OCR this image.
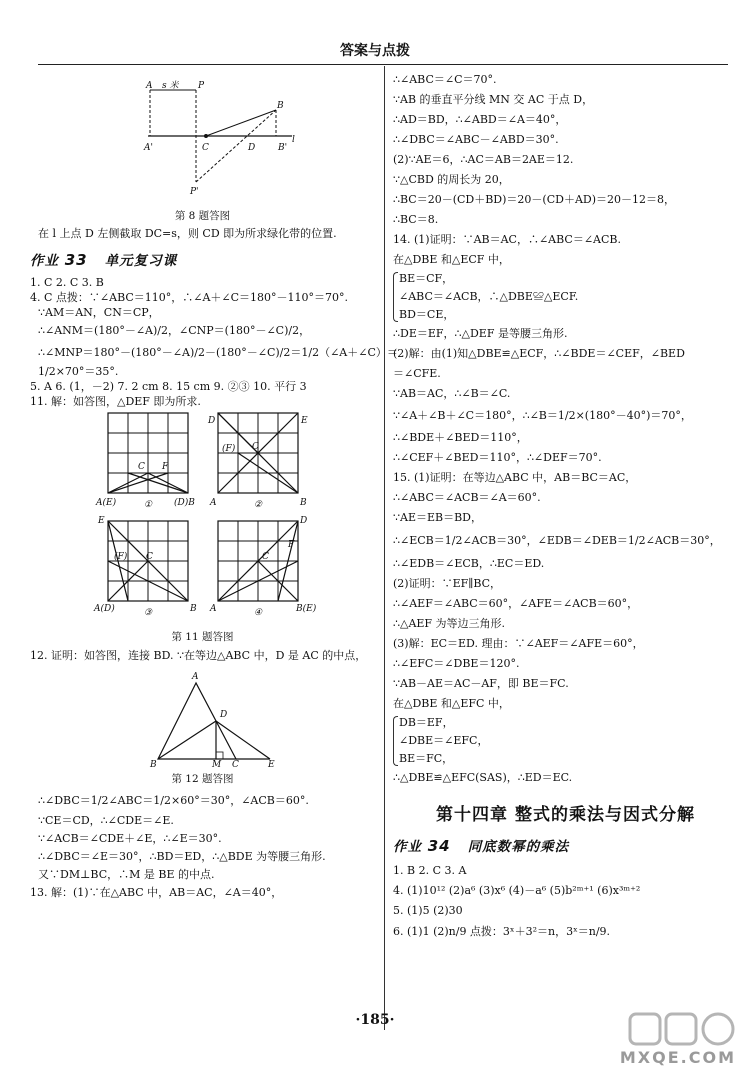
答案与点拨
A s 米 P
B
A'	C	D	B'
l
P'
第 8 题答图
在 l 上点 D 左侧截取 DC=s，则 CD 即为所求绿化带的位置.
作业 33 单元复习课
1. C 2. C 3. B
4. C 点拨：∵∠ABC＝110°，∴∠A＋∠C＝180°－110°＝70°.
∵AM＝AN，CN＝CP，
∴∠ANM＝(180°－∠A)/2，∠CNP＝(180°－∠C)/2，
∴∠MNP＝180°－(180°－∠A)/2－(180°－∠C)/2＝1/2（∠A＋∠C）＝
1/2×70°＝35°.
5. A 6. (1，－2) 7. 2 cm 8. 15 cm 9. ②③ 10. 平行 3
11. 解：如答图，△DEF 即为所求.
C F
A(E)	(D)B
①
D	E
(F) C
A	B
②
E
(F) C
A(D)	B
③
D
F
C
A	B(E)
④
第 11 题答图
12. 证明：如答图，连接 BD. ∵在等边△ABC 中，D 是 AC 的中点，
A
D
B	M C	E
第 12 题答图
∴∠DBC＝1/2∠ABC＝1/2×60°＝30°，∠ACB＝60°.
∵CE＝CD，∴∠CDE＝∠E.
∵∠ACB＝∠CDE＋∠E，∴∠E＝30°.
∴∠DBC＝∠E＝30°，∴BD＝ED，∴△BDE 为等腰三角形.
又∵DM⊥BC，∴M 是 BE 的中点.
13. 解：(1)∵在△ABC 中，AB＝AC，∠A＝40°，
∴∠ABC＝∠C＝70°.
∵AB 的垂直平分线 MN 交 AC 于点 D，
∴AD＝BD，∴∠ABD＝∠A＝40°，
∴∠DBC＝∠ABC－∠ABD＝30°.
(2)∵AE＝6，∴AC＝AB＝2AE＝12.
∵△CBD 的周长为 20，
∴BC＝20－(CD＋BD)＝20－(CD＋AD)＝20－12＝8，
∴BC＝8.
14. (1)证明：∵AB＝AC，∴∠ABC＝∠ACB.
在△DBE 和△ECF 中，
BE＝CF，
∠ABC＝∠ACB，∴△DBE≌△ECF.
BD＝CE，
∴DE＝EF，∴△DEF 是等腰三角形.
(2)解：由(1)知△DBE≌△ECF，∴∠BDE＝∠CEF，∠BED
＝∠CFE.
∵AB＝AC，∴∠B＝∠C.
∵∠A＋∠B＋∠C＝180°，∴∠B＝1/2×(180°－40°)＝70°，
∴∠BDE＋∠BED＝110°，
∴∠CEF＋∠BED＝110°，∴∠DEF＝70°.
15. (1)证明：在等边△ABC 中，AB＝BC＝AC，
∴∠ABC＝∠ACB＝∠A＝60°.
∵AE＝EB＝BD，
∴∠ECB＝1/2∠ACB＝30°，∠EDB＝∠DEB＝1/2∠ACB＝30°，
∴∠EDB＝∠ECB，∴EC＝ED.
(2)证明：∵EF∥BC，
∴∠AEF＝∠ABC＝60°，∠AFE＝∠ACB＝60°，
∴△AEF 为等边三角形.
(3)解：EC＝ED. 理由：∵∠AEF＝∠AFE＝60°，
∴∠EFC＝∠DBE＝120°.
∵AB－AE＝AC－AF，即 BE＝FC.
在△DBE 和△EFC 中，
DB＝EF，
∠DBE＝∠EFC，
BE＝FC，
∴△DBE≌△EFC(SAS)，∴ED＝EC.
第十四章 整式的乘法与因式分解
作业 34 同底数幂的乘法
1. B 2. C 3. A
4. (1)10¹² (2)a⁶ (3)x⁶ (4)－a⁶ (5)b²ᵐ⁺¹ (6)x³ᵐ⁺²
5. (1)5 (2)30
6. (1)1 (2)n/9 点拨：3ˣ＋3²＝n，3ˣ＝n/9.
·185·
MXQE.COM
